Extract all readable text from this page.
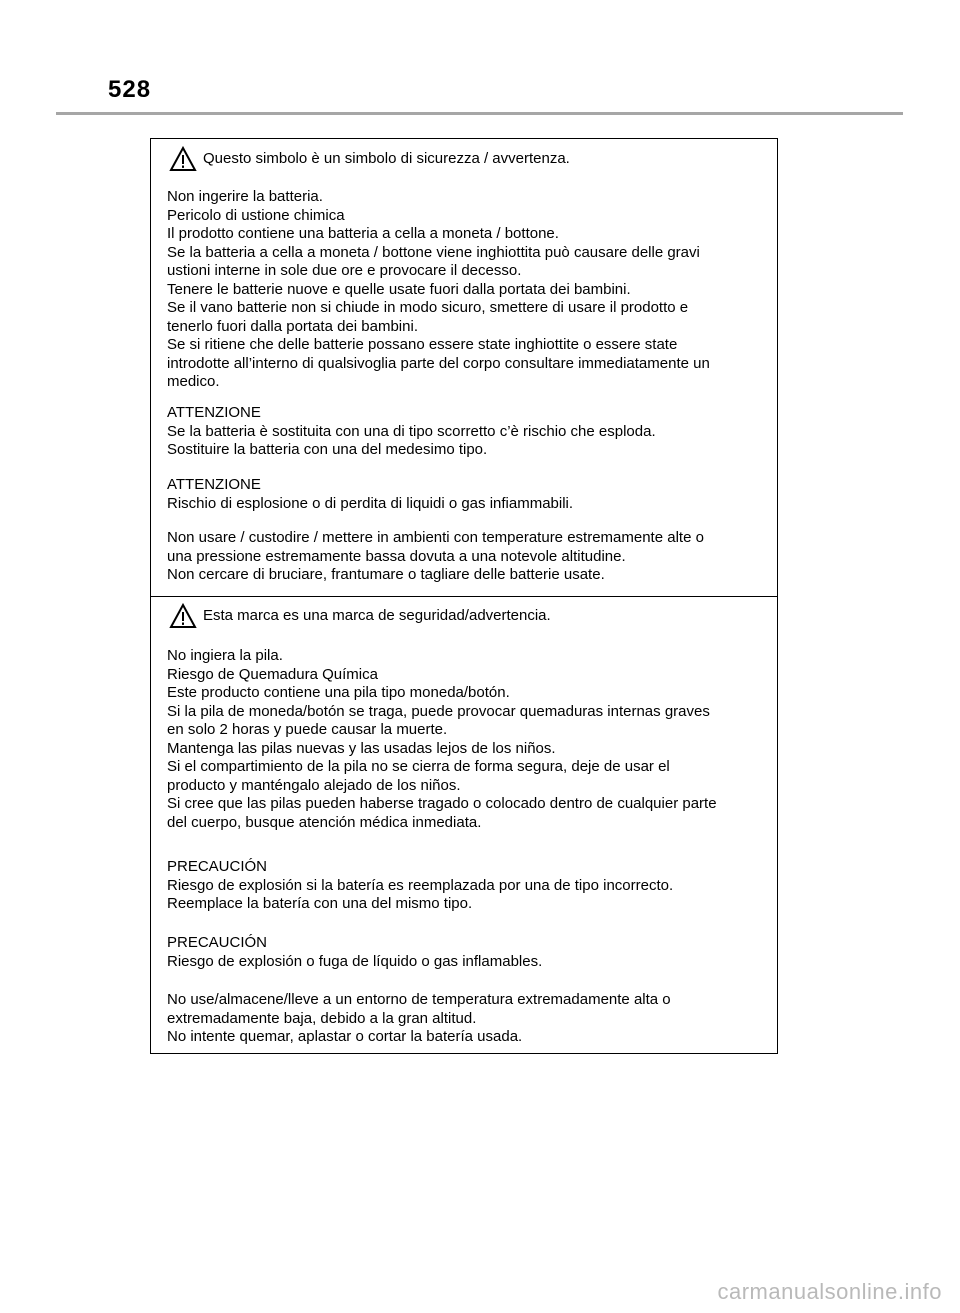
528
Questo simbolo è un simbolo di sicurezza / avvertenza.
Non ingerire la batteria.
Pericolo di ustione chimica
Il prodotto contiene una batteria a cella a moneta / bottone.
Se la batteria a cella a moneta / bottone viene inghiottita può causare delle gravi
ustioni interne in sole due ore e provocare il decesso.
Tenere le batterie nuove e quelle usate fuori dalla portata dei bambini.
Se il vano batterie non si chiude in modo sicuro, smettere di usare il prodotto e
tenerlo fuori dalla portata dei bambini.
Se si ritiene che delle batterie possano essere state inghiottite o essere state
introdotte all’interno di qualsivoglia parte del corpo consultare immediatamente un
medico.
ATTENZIONE
Se la batteria è sostituita con una di tipo scorretto c’è rischio che esploda.
Sostituire la batteria con una del medesimo tipo.
ATTENZIONE
Rischio di esplosione o di perdita di liquidi o gas infiammabili.
Non usare / custodire / mettere in ambienti con temperature estremamente alte o
una pressione estremamente bassa dovuta a una notevole altitudine.
Non cercare di bruciare, frantumare o tagliare delle batterie usate.
Esta marca es una marca de seguridad/advertencia.
No ingiera la pila.
Riesgo de Quemadura Química
Este producto contiene una pila tipo moneda/botón.
Si la pila de moneda/botón se traga, puede provocar quemaduras internas graves
en solo 2 horas y puede causar la muerte.
Mantenga las pilas nuevas y las usadas lejos de los niños.
Si el compartimiento de la pila no se cierra de forma segura, deje de usar el
producto y manténgalo alejado de los niños.
Si cree que las pilas pueden haberse tragado o colocado dentro de cualquier parte
del cuerpo, busque atención médica inmediata.
PRECAUCIÓN
Riesgo de explosión si la batería es reemplazada por una de tipo incorrecto.
Reemplace la batería con una del mismo tipo.
PRECAUCIÓN
Riesgo de explosión o fuga de líquido o gas inflamables.
No use/almacene/lleve a un entorno de temperatura extremadamente alta o
extremadamente baja, debido a la gran altitud.
No intente quemar, aplastar o cortar la batería usada.
carmanualsonline.info
